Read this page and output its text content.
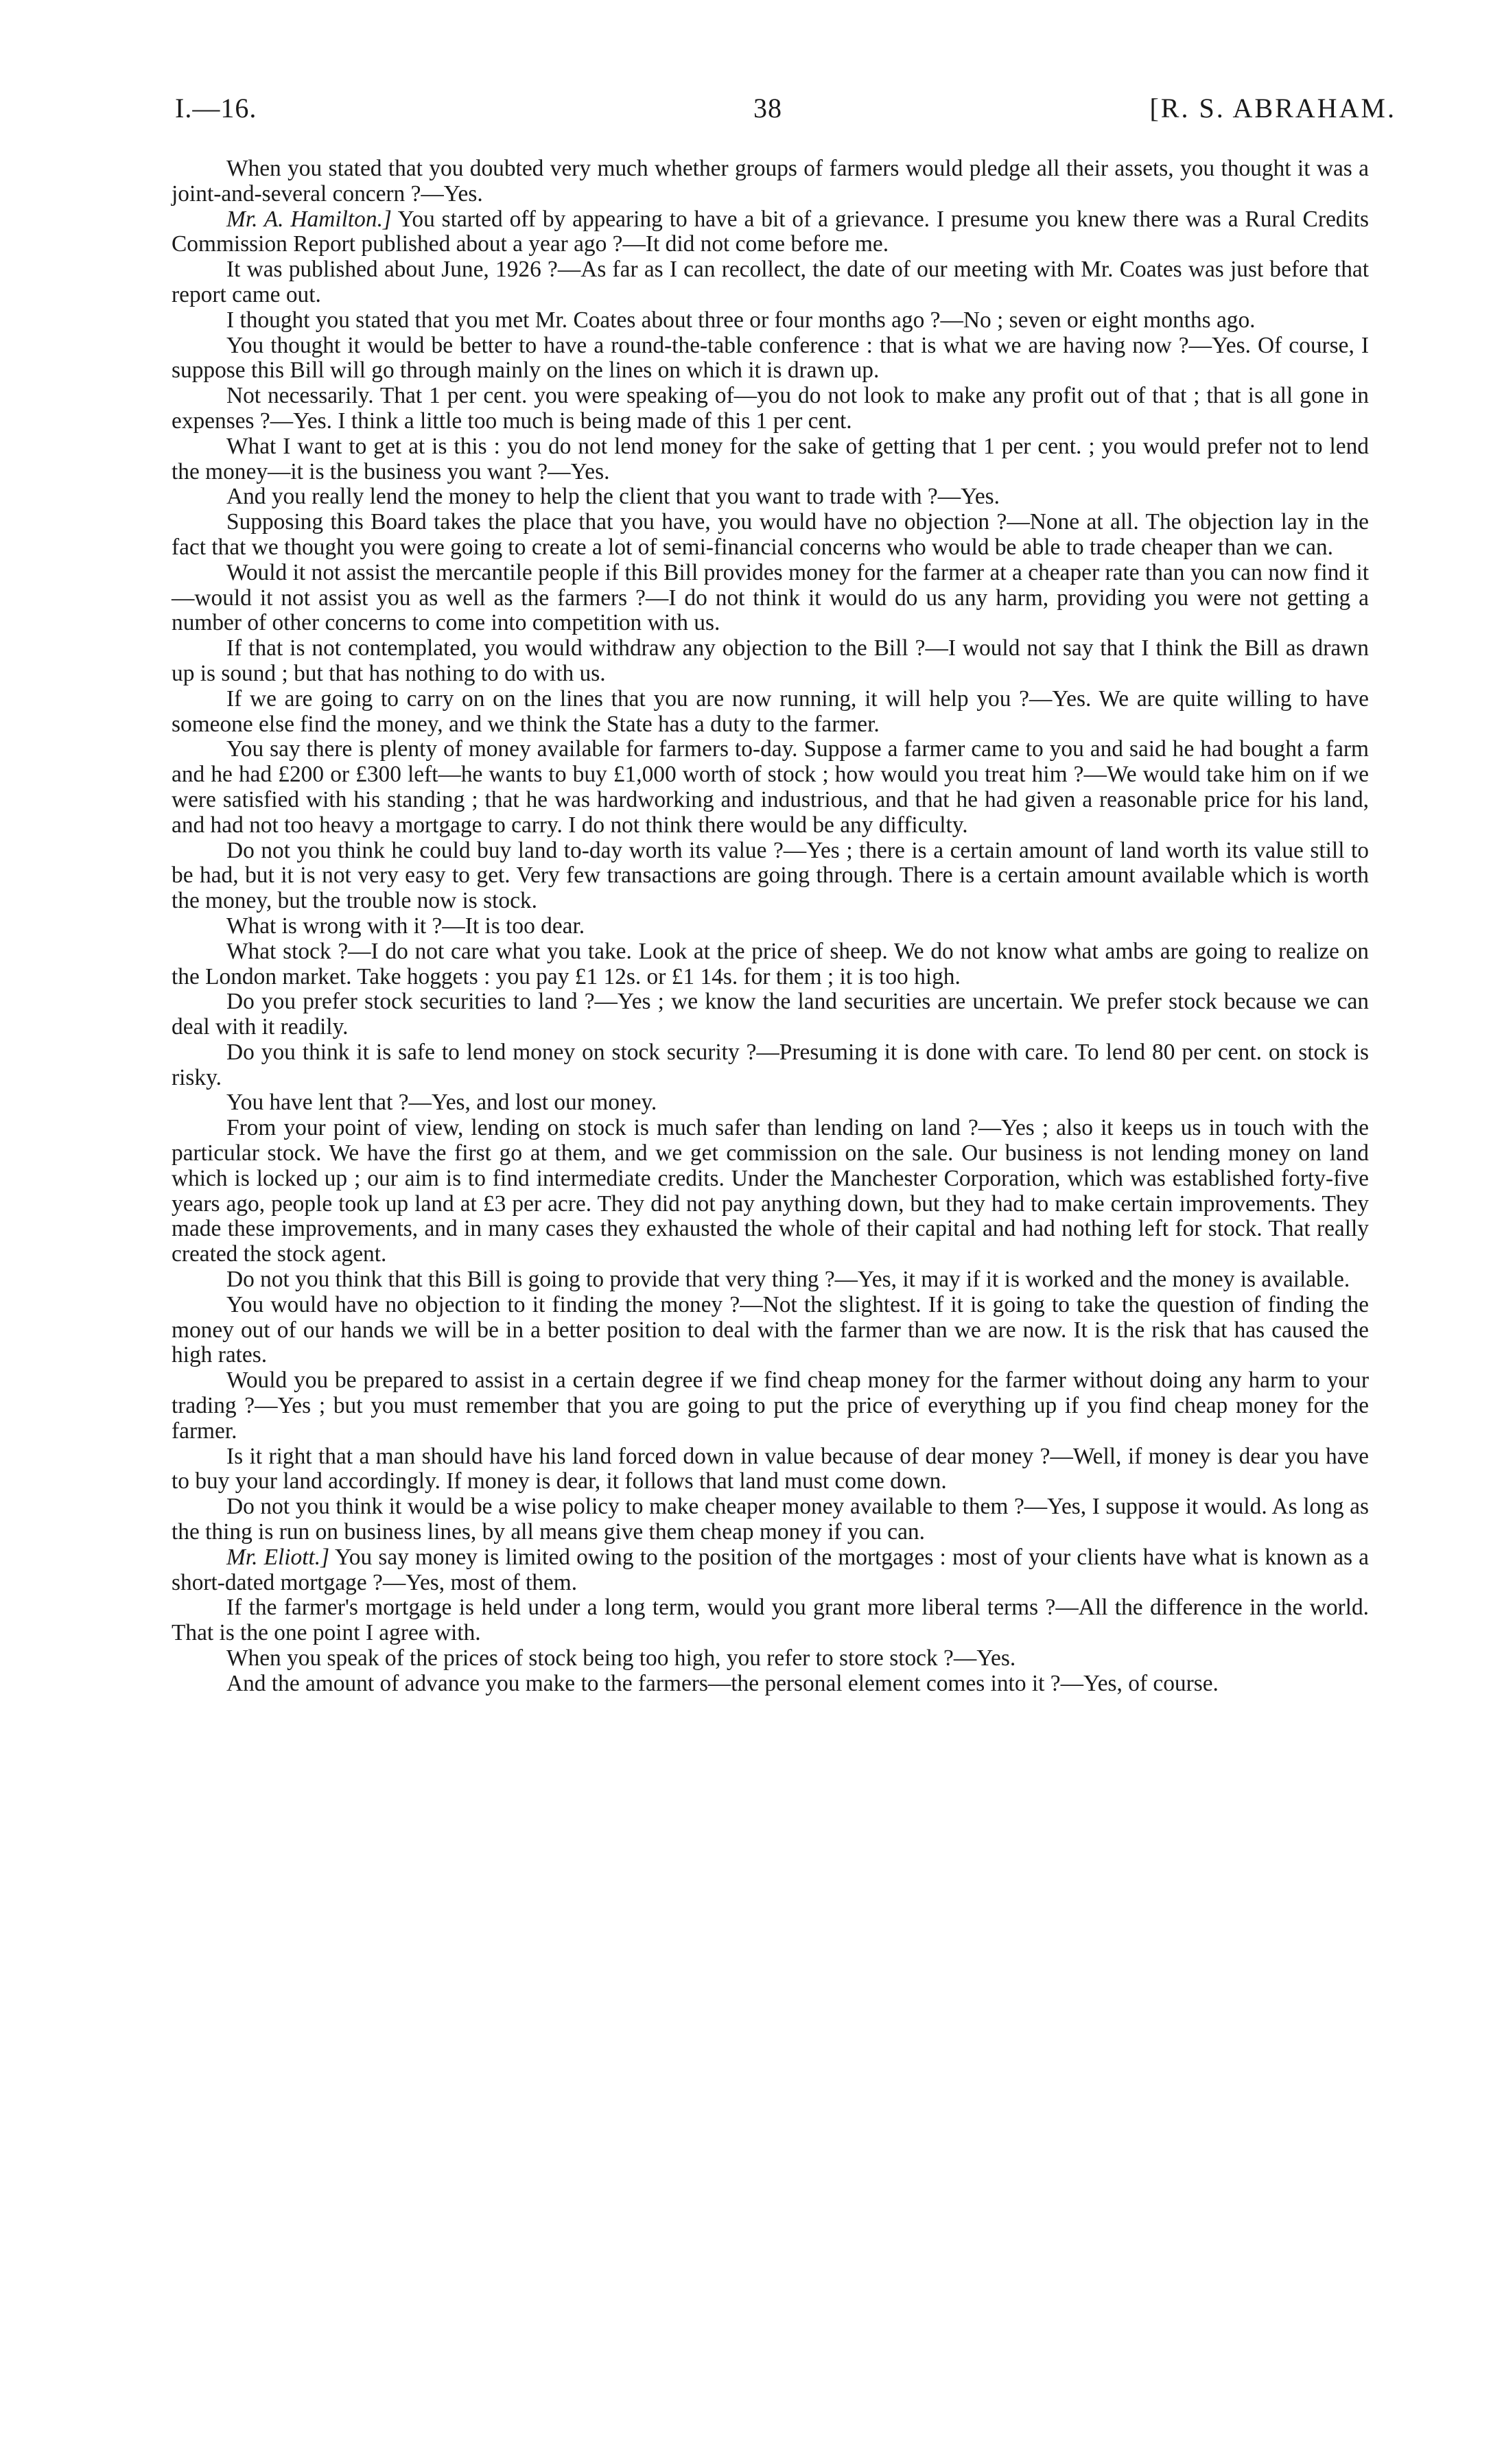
I.—16.	38	[R. S. ABRAHAM.

When you stated that you doubted very much whether groups of farmers would pledge all their assets, you thought it was a joint-and-several concern ?—Yes.

Mr. A. Hamilton.] You started off by appearing to have a bit of a grievance. I presume you knew there was a Rural Credits Commission Report published about a year ago ?—It did not come before me.

It was published about June, 1926 ?—As far as I can recollect, the date of our meeting with Mr. Coates was just before that report came out.

I thought you stated that you met Mr. Coates about three or four months ago ?—No ; seven or eight months ago.

You thought it would be better to have a round-the-table conference : that is what we are having now ?—Yes. Of course, I suppose this Bill will go through mainly on the lines on which it is drawn up.

Not necessarily. That 1 per cent. you were speaking of—you do not look to make any profit out of that ; that is all gone in expenses ?—Yes. I think a little too much is being made of this 1 per cent.

What I want to get at is this : you do not lend money for the sake of getting that 1 per cent. ; you would prefer not to lend the money—it is the business you want ?—Yes.

And you really lend the money to help the client that you want to trade with ?—Yes.

Supposing this Board takes the place that you have, you would have no objection ?—None at all. The objection lay in the fact that we thought you were going to create a lot of semi-financial concerns who would be able to trade cheaper than we can.

Would it not assist the mercantile people if this Bill provides money for the farmer at a cheaper rate than you can now find it—would it not assist you as well as the farmers ?—I do not think it would do us any harm, providing you were not getting a number of other concerns to come into competition with us.

If that is not contemplated, you would withdraw any objection to the Bill ?—I would not say that I think the Bill as drawn up is sound ; but that has nothing to do with us.

If we are going to carry on on the lines that you are now running, it will help you ?—Yes. We are quite willing to have someone else find the money, and we think the State has a duty to the farmer.

You say there is plenty of money available for farmers to-day. Suppose a farmer came to you and said he had bought a farm and he had £200 or £300 left—he wants to buy £1,000 worth of stock ; how would you treat him ?—We would take him on if we were satisfied with his standing ; that he was hardworking and industrious, and that he had given a reasonable price for his land, and had not too heavy a mortgage to carry. I do not think there would be any difficulty.

Do not you think he could buy land to-day worth its value ?—Yes ; there is a certain amount of land worth its value still to be had, but it is not very easy to get. Very few transactions are going through. There is a certain amount available which is worth the money, but the trouble now is stock.

What is wrong with it ?—It is too dear.

What stock ?—I do not care what you take. Look at the price of sheep. We do not know what ambs are going to realize on the London market. Take hoggets : you pay £1 12s. or £1 14s. for them ; it is too high.

Do you prefer stock securities to land ?—Yes ; we know the land securities are uncertain. We prefer stock because we can deal with it readily.

Do you think it is safe to lend money on stock security ?—Presuming it is done with care. To lend 80 per cent. on stock is risky.

You have lent that ?—Yes, and lost our money.

From your point of view, lending on stock is much safer than lending on land ?—Yes ; also it keeps us in touch with the particular stock. We have the first go at them, and we get commission on the sale. Our business is not lending money on land which is locked up ; our aim is to find intermediate credits. Under the Manchester Corporation, which was established forty-five years ago, people took up land at £3 per acre. They did not pay anything down, but they had to make certain improvements. They made these improvements, and in many cases they exhausted the whole of their capital and had nothing left for stock. That really created the stock agent.

Do not you think that this Bill is going to provide that very thing ?—Yes, it may if it is worked and the money is available.

You would have no objection to it finding the money ?—Not the slightest. If it is going to take the question of finding the money out of our hands we will be in a better position to deal with the farmer than we are now. It is the risk that has caused the high rates.

Would you be prepared to assist in a certain degree if we find cheap money for the farmer without doing any harm to your trading ?—Yes ; but you must remember that you are going to put the price of everything up if you find cheap money for the farmer.

Is it right that a man should have his land forced down in value because of dear money ?—Well, if money is dear you have to buy your land accordingly. If money is dear, it follows that land must come down.

Do not you think it would be a wise policy to make cheaper money available to them ?—Yes, I suppose it would. As long as the thing is run on business lines, by all means give them cheap money if you can.

Mr. Eliott.] You say money is limited owing to the position of the mortgages : most of your clients have what is known as a short-dated mortgage ?—Yes, most of them.

If the farmer's mortgage is held under a long term, would you grant more liberal terms ?—All the difference in the world. That is the one point I agree with.

When you speak of the prices of stock being too high, you refer to store stock ?—Yes.

And the amount of advance you make to the farmers—the personal element comes into it ?—Yes, of course.
